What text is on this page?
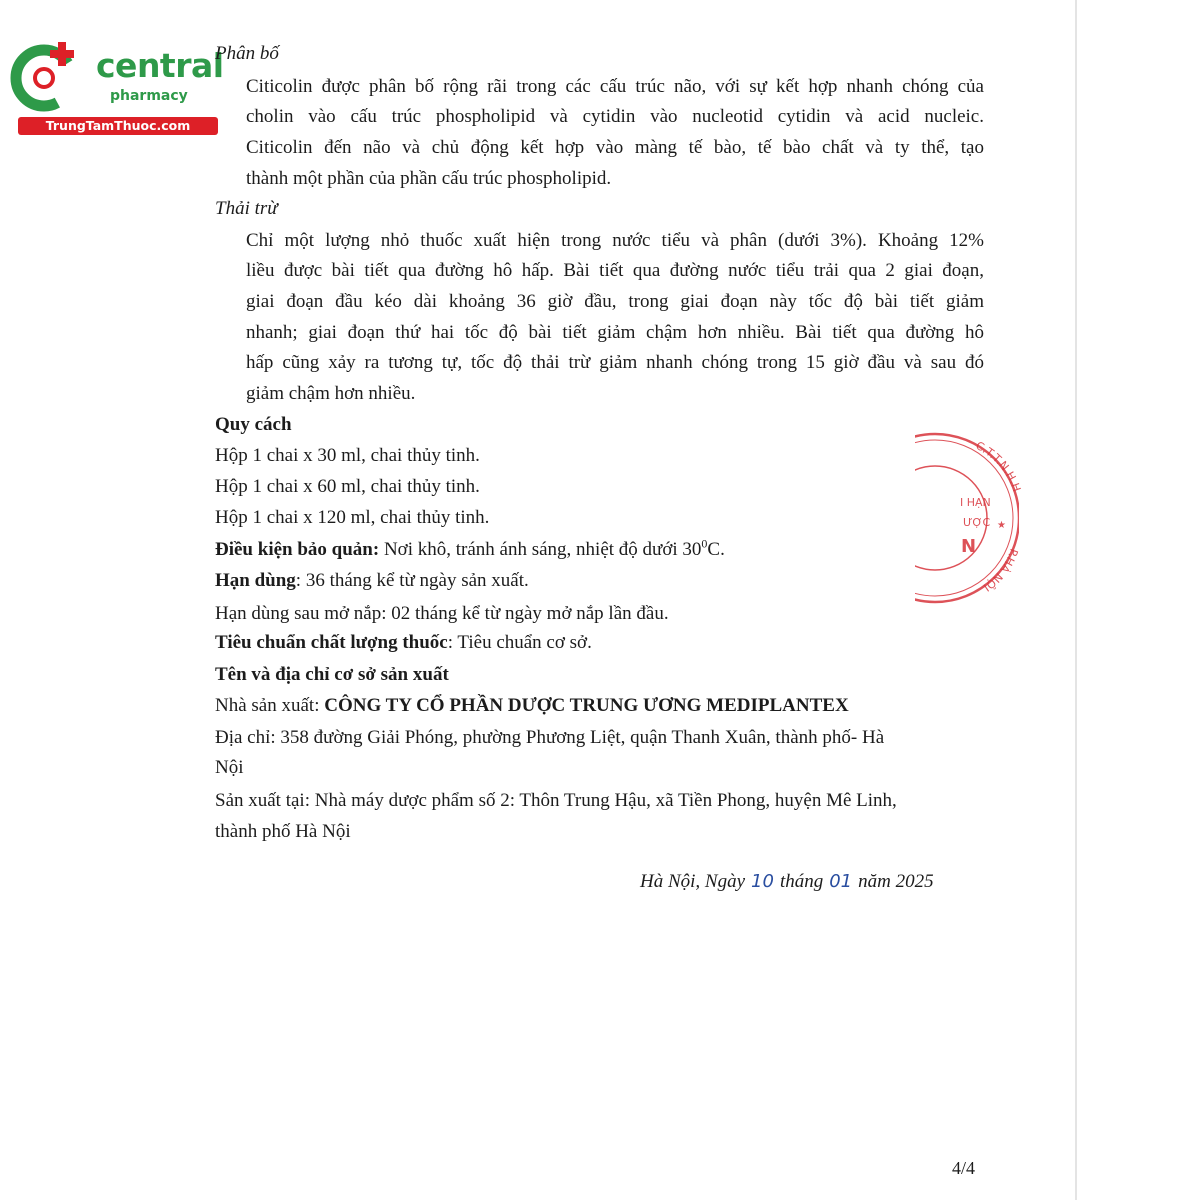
central
pharmacy
TrungTamThuoc.com
Phân bố
Citicolin được phân bố rộng rãi trong các cấu trúc não, với sự kết hợp nhanh chóng của
cholin vào cấu trúc phospholipid và cytidin vào nucleotid cytidin và acid nucleic.
Citicolin đến não và chủ động kết hợp vào màng tế bào, tế bào chất và ty thể, tạo
thành một phần của phần cấu trúc phospholipid.
Thải trừ
Chỉ một lượng nhỏ thuốc xuất hiện trong nước tiểu và phân (dưới 3%). Khoảng 12%
liều được bài tiết qua đường hô hấp. Bài tiết qua đường nước tiểu trải qua 2 giai đoạn,
giai đoạn đầu kéo dài khoảng 36 giờ đầu, trong giai đoạn này tốc độ bài tiết giảm
nhanh; giai đoạn thứ hai tốc độ bài tiết giảm chậm hơn nhiều. Bài tiết qua đường hô
hấp cũng xảy ra tương tự, tốc độ thải trừ giảm nhanh chóng trong 15 giờ đầu và sau đó
giảm chậm hơn nhiều.
Quy cách
Hộp 1 chai x 30 ml, chai thủy tinh.
Hộp 1 chai x 60 ml, chai thủy tinh.
Hộp 1 chai x 120 ml, chai thủy tinh.
Điều kiện bảo quản: Nơi khô, tránh ánh sáng, nhiệt độ dưới $30^0C$.
Hạn dùng: 36 tháng kể từ ngày sản xuất.
Hạn dùng sau mở nắp: 02 tháng kể từ ngày mở nắp lần đầu.
Tiêu chuẩn chất lượng thuốc: Tiêu chuẩn cơ sở.
Tên và địa chỉ cơ sở sản xuất
Nhà sản xuất: CÔNG TY CỔ PHẦN DƯỢC TRUNG ƯƠNG MEDIPLANTEX
Địa chỉ: 358 đường Giải Phóng, phường Phương Liệt, quận Thanh Xuân, thành phố- Hà
Nội
Sản xuất tại: Nhà máy dược phẩm số 2: Thôn Trung Hậu, xã Tiền Phong, huyện Mê Linh,
thành phố Hà Nội
Hà Nội, Ngày 10 tháng 01 năm 2025
C.T.T.N.H.H
I HẠN
ƯỢC
N
★
P.HÀ NỘI
4/4
